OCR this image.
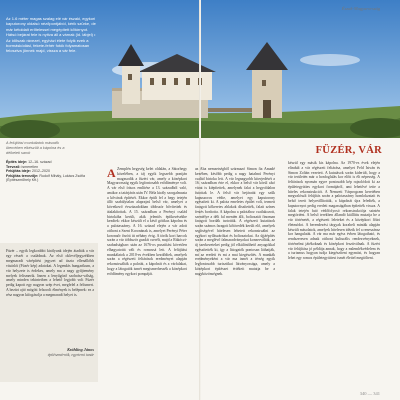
Észak-Magyarország
Az 1.6 méter magas szalag elé vár északi, egykori kaputorony oldalsó nézőpontjából, kérik szürke, de már kétoldalt erőtelessel megépített kőtórnyot. Hátsó bejárat fele is nyitva áll a várnak (ld. lábjel) • Az időszak rávezet, egyházi élete folyik ezek a bormáskódási, fekete-fehér fotók folyamatosan felosztva jönnek majd, vissza a vár fele.
A felújítási munkálatok második ütemében elkészült a kápolna és a délkeleti sarok
Építés ideje: 12–16. század
Tervező: ismeretlen
Felújítás ideje: 2012–2020
Felújítás tervezője: Rudolf Mihály, Lukács Zsófia (Építészműhely Kft.)
Füzér – egyik legkorábbi királyunk idején átadták a vár egy részét a családnak. Az első oklevéljegyzékben megmaradt várépítési jegyzet ad tiszta ellenállóbb vásárlói (Füzér kép) adatokat. A legendás hungarikum, a vár helyzete is érdekes, amely ma a nagy gyűjtemény melyek felismerik. Innen a lenyűgöző szobrász-válság, amely minden tekintetben a lehető legjobb volt Füzér pedig kapott egy nagyon szép évet, megfelel a felismert. A bezárt ajtó mögött felsorolt élmények is belépnek: ez a rész nagyon kifogásolja a megmaradt helyet is.
Krähling János
építészmérnök, egyetemi tanár
FÜZÉR, VÁR
A Zemplén hegység kelet oldalán, a Sátorhegy közelében, a táj egyik legszebb pontján magasodik a füzéri vár, amely a középkori Magyarország egyik legfontosabb erődítménye volt. A vár első írásos említése a 13. századból való, amikor a tatárjárás után IV. Béla király szorgalmazta a kővárak építését. Ekkor épült fel a hegy tetején álló szabálytalan alaprajzú belső vár, amelyet a következő évszázadokban többször bővítettek és átalakítottak. A 15. században a Perényi család birtokába került, akik jelentős építkezésekbe kezdtek: ekkor készült el a késő gótikus kápolna és a palotaszárny. A 16. század elején a vár adott otthont a Szent Koronának is, amelyet Perényi Péter koronaőr őrzött itt néhány évig. A török kori harcok során a vár többször gazdát cserélt, majd a Rákóczi-szabadságharc után az 1676-os pusztítást követően elhagyatottá vált és romossá lett. A felújítási munkálatok a 2010-es években kezdődtek, amelyek során a régészeti feltárások eredményei alapján rekonstruálták a palotát, a kápolnát és a várfalakat, hogy a látogatók ismét megismerhessék a középkori erődítmény egykori pompáját.
az Aba nemzetségből származó Simon fia Amadé kezében, később pedig a nagy hatalmú Perényi család birtoka lett. A vár legnagyobb kiterjedését a 16. században érte el, ekkor a belső vár körül alsó várat is kiépítettek, amelynek falai a hegyoldalon futottak le. A felső vár bejáratát egy szűk kapuszoros védte, amelyet egy kaputorony egészített ki. A palota emeletes épület volt, termeit faragott kőkeretes ablakok díszítették, falait színes festés borította. A kápolna a palotához csatlakozott, szentélye a déli fal mentén állt, boltozatát finoman faragott bordák tartották. A régészeti kutatások során számos faragott kőtöredék került elő, amelyek segítségével hitelesen lehetett rekonstruálni az egykori nyílászárókat és boltozatokat. Az újjáépítés során a meglévő falmaradványokat konzerválták, az új szerkezeteket pedig jól elkülöníthető anyagokkal egészítették ki, így a látogatók pontosan láthatják, mi az eredeti és mi a mai kiegészítés. A munkák eredményeként a vár ma ismét a térség egyik legfontosabb turisztikai látványossága, amely a középkori építészet értékeit mutatja be a nagyközönségnek.
készül egy másik kis kápolna. Az 1970-es évek elején elindult a vár régészeti feltárása, amelyet Feld István és Simon Zoltán vezetett. A kutatások során kiderült, hogy a vár területén már a honfoglalás kor előtt is élt népesség. A feltárások nyomán egyre pontosabb kép rajzolódott ki az épületegyüttes egykori formájáról, ami lehetővé tette a hiteles rekonstrukciót. A Nemzeti Várprogram keretében megvalósult felújítás során a palotaszárny homlokzatait és belső tereit helyreállították, a kápolnát újra lefedték, a kaputornyot pedig eredeti magasságában építették vissza. A falak tetején futó védőfolyosó rekonstrukciója szintén megtörtént. A belső terekben állandó kiállítás mutatja be a vár történetét, a régészeti leleteket és a középkori főúri életmódot. A berendezési tárgyak korabeli minták alapján készült másolatok, amelyek hitelesen idézik fel a reneszánsz kor hangulatát. A vár ma már egész évben látogatható, és rendszeresen adnak otthont kulturális rendezvényeknek, történelmi játékoknak és középkori fesztiválnak. A füzéri vár felújítása jó példája annak, hogy a műemlékvédelem és a turizmus hogyan tudja kiegészíteni egymást, és hogyan lehet egy romos épületegyüttest ismét élettel megtölteni.
340 — 341
